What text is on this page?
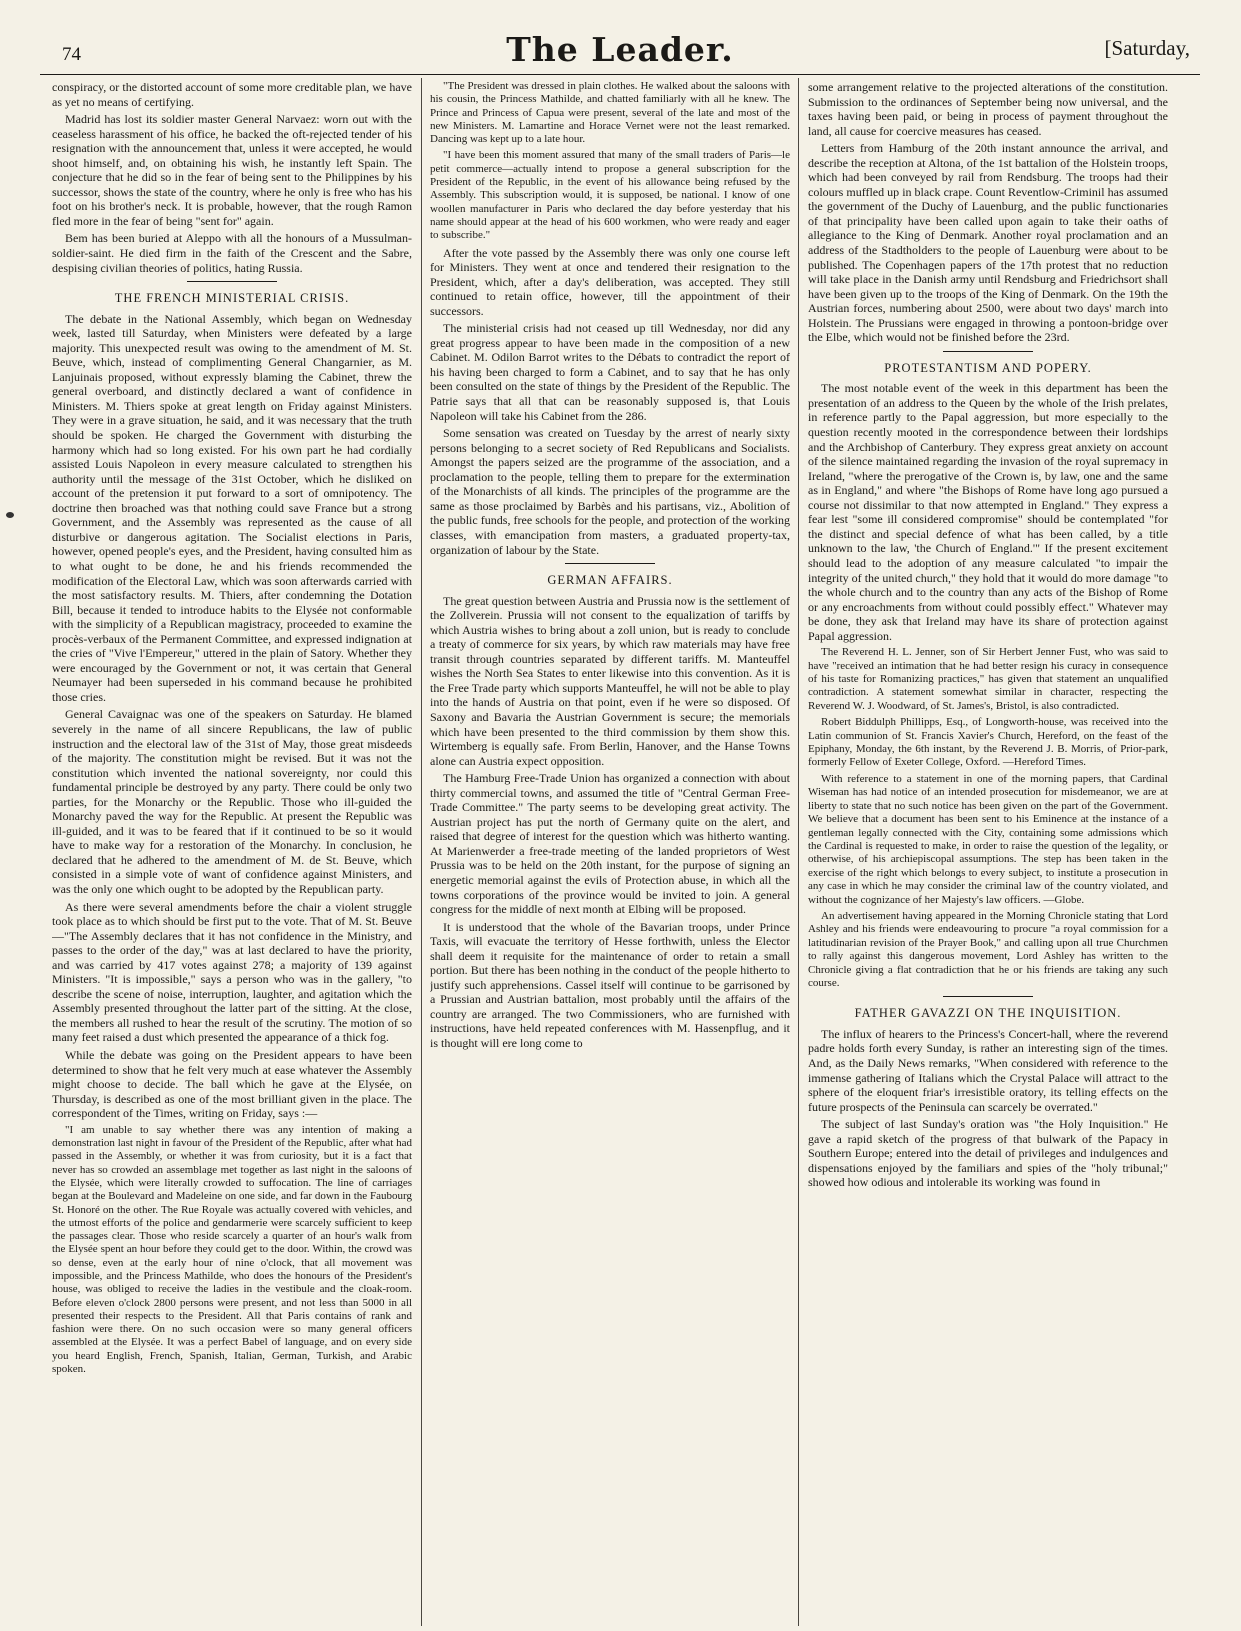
74	The Leader.	[Saturday,

conspiracy, or the distorted account of some more creditable plan, we have as yet no means of certifying.

Madrid has lost its soldier master General Narvaez: worn out with the ceaseless harassment of his office, he backed the oft-rejected tender of his resignation with the announcement that, unless it were accepted, he would shoot himself, and, on obtaining his wish, he instantly left Spain. The conjecture that he did so in the fear of being sent to the Philippines by his successor, shows the state of the country, where he only is free who has his foot on his brother's neck. It is probable, however, that the rough Ramon fled more in the fear of being "sent for" again.

Bem has been buried at Aleppo with all the honours of a Mussulman-soldier-saint. He died firm in the faith of the Crescent and the Sabre, despising civilian theories of politics, hating Russia.

THE FRENCH MINISTERIAL CRISIS.

The debate in the National Assembly, which began on Wednesday week, lasted till Saturday, when Ministers were defeated by a large majority. This unexpected result was owing to the amendment of M. St. Beuve, which, instead of complimenting General Changarnier, as M. Lanjuinais proposed, without expressly blaming the Cabinet, threw the general overboard, and distinctly declared a want of confidence in Ministers. M. Thiers spoke at great length on Friday against Ministers. They were in a grave situation, he said, and it was necessary that the truth should be spoken. He charged the Government with disturbing the harmony which had so long existed. For his own part he had cordially assisted Louis Napoleon in every measure calculated to strengthen his authority until the message of the 31st October, which he disliked on account of the pretension it put forward to a sort of omnipotency. The doctrine then broached was that nothing could save France but a strong Government, and the Assembly was represented as the cause of all disturbive or dangerous agitation. The Socialist elections in Paris, however, opened people's eyes, and the President, having consulted him as to what ought to be done, he and his friends recommended the modification of the Electoral Law, which was soon afterwards carried with the most satisfactory results. M. Thiers, after condemning the Dotation Bill, because it tended to introduce habits to the Elysée not conformable with the simplicity of a Republican magistracy, proceeded to examine the procès-verbaux of the Permanent Committee, and expressed indignation at the cries of "Vive l'Empereur," uttered in the plain of Satory. Whether they were encouraged by the Government or not, it was certain that General Neumayer had been superseded in his command because he prohibited those cries.

General Cavaignac was one of the speakers on Saturday. He blamed severely in the name of all sincere Republicans, the law of public instruction and the electoral law of the 31st of May, those great misdeeds of the majority. The constitution might be revised. But it was not the constitution which invented the national sovereignty, nor could this fundamental principle be destroyed by any party. There could be only two parties, for the Monarchy or the Republic. Those who ill-guided the Monarchy paved the way for the Republic. At present the Republic was ill-guided, and it was to be feared that if it continued to be so it would have to make way for a restoration of the Monarchy. In conclusion, he declared that he adhered to the amendment of M. de St. Beuve, which consisted in a simple vote of want of confidence against Ministers, and was the only one which ought to be adopted by the Republican party.

As there were several amendments before the chair a violent struggle took place as to which should be first put to the vote. That of M. St. Beuve—"The Assembly declares that it has not confidence in the Ministry, and passes to the order of the day," was at last declared to have the priority, and was carried by 417 votes against 278; a majority of 139 against Ministers. "It is impossible," says a person who was in the gallery, "to describe the scene of noise, interruption, laughter, and agitation which the Assembly presented throughout the latter part of the sitting. At the close, the members all rushed to hear the result of the scrutiny. The motion of so many feet raised a dust which presented the appearance of a thick fog.

While the debate was going on the President appears to have been determined to show that he felt very much at ease whatever the Assembly might choose to decide. The ball which he gave at the Elysée, on Thursday, is described as one of the most brilliant given in the place. The correspondent of the Times, writing on Friday, says :—

"I am unable to say whether there was any intention of making a demonstration last night in favour of the President of the Republic, after what had passed in the Assembly, or whether it was from curiosity, but it is a fact that never has so crowded an assemblage met together as last night in the saloons of the Elysée, which were literally crowded to suffocation. The line of carriages began at the Boulevard and Madeleine on one side, and far down in the Faubourg St. Honoré on the other. The Rue Royale was actually covered with vehicles, and the utmost efforts of the police and gendarmerie were scarcely sufficient to keep the passages clear. Those who reside scarcely a quarter of an hour's walk from the Elysée spent an hour before they could get to the door. Within, the crowd was so dense, even at the early hour of nine o'clock, that all movement was impossible, and the Princess Mathilde, who does the honours of the President's house, was obliged to receive the ladies in the vestibule and the cloak-room. Before eleven o'clock 2800 persons were present, and not less than 5000 in all presented their respects to the President. All that Paris contains of rank and fashion were there. On no such occasion were so many general officers assembled at the Elysée. It was a perfect Babel of language, and on every side you heard English, French, Spanish, Italian, German, Turkish, and Arabic spoken.

"The President was dressed in plain clothes. He walked about the saloons with his cousin, the Princess Mathilde, and chatted familiarly with all he knew. The Prince and Princess of Capua were present, several of the late and most of the new Ministers. M. Lamartine and Horace Vernet were not the least remarked. Dancing was kept up to a late hour.

"I have been this moment assured that many of the small traders of Paris—le petit commerce—actually intend to propose a general subscription for the President of the Republic, in the event of his allowance being refused by the Assembly. This subscription would, it is supposed, be national. I know of one woollen manufacturer in Paris who declared the day before yesterday that his name should appear at the head of his 600 workmen, who were ready and eager to subscribe."

After the vote passed by the Assembly there was only one course left for Ministers. They went at once and tendered their resignation to the President, which, after a day's deliberation, was accepted. They still continued to retain office, however, till the appointment of their successors.

The ministerial crisis had not ceased up till Wednesday, nor did any great progress appear to have been made in the composition of a new Cabinet. M. Odilon Barrot writes to the Débats to contradict the report of his having been charged to form a Cabinet, and to say that he has only been consulted on the state of things by the President of the Republic. The Patrie says that all that can be reasonably supposed is, that Louis Napoleon will take his Cabinet from the 286.

Some sensation was created on Tuesday by the arrest of nearly sixty persons belonging to a secret society of Red Republicans and Socialists. Amongst the papers seized are the programme of the association, and a proclamation to the people, telling them to prepare for the extermination of the Monarchists of all kinds. The principles of the programme are the same as those proclaimed by Barbès and his partisans, viz., Abolition of the public funds, free schools for the people, and protection of the working classes, with emancipation from masters, a graduated property-tax, organization of labour by the State.

GERMAN AFFAIRS.

The great question between Austria and Prussia now is the settlement of the Zollverein. Prussia will not consent to the equalization of tariffs by which Austria wishes to bring about a zoll union, but is ready to conclude a treaty of commerce for six years, by which raw materials may have free transit through countries separated by different tariffs. M. Manteuffel wishes the North Sea States to enter likewise into this convention. As it is the Free Trade party which supports Manteuffel, he will not be able to play into the hands of Austria on that point, even if he were so disposed. Of Saxony and Bavaria the Austrian Government is secure; the memorials which have been presented to the third commission by them show this. Wirtemberg is equally safe. From Berlin, Hanover, and the Hanse Towns alone can Austria expect opposition.

The Hamburg Free-Trade Union has organized a connection with about thirty commercial towns, and assumed the title of "Central German Free-Trade Committee." The party seems to be developing great activity. The Austrian project has put the north of Germany quite on the alert, and raised that degree of interest for the question which was hitherto wanting. At Marienwerder a free-trade meeting of the landed proprietors of West Prussia was to be held on the 20th instant, for the purpose of signing an energetic memorial against the evils of Protection abuse, in which all the towns corporations of the province would be invited to join. A general congress for the middle of next month at Elbing will be proposed.

It is understood that the whole of the Bavarian troops, under Prince Taxis, will evacuate the territory of Hesse forthwith, unless the Elector shall deem it requisite for the maintenance of order to retain a small portion. But there has been nothing in the conduct of the people hitherto to justify such apprehensions. Cassel itself will continue to be garrisoned by a Prussian and Austrian battalion, most probably until the affairs of the country are arranged. The two Commissioners, who are furnished with instructions, have held repeated conferences with M. Hassenpflug, and it is thought will ere long come to

some arrangement relative to the projected alterations of the constitution. Submission to the ordinances of September being now universal, and the taxes having been paid, or being in process of payment throughout the land, all cause for coercive measures has ceased.

Letters from Hamburg of the 20th instant announce the arrival, and describe the reception at Altona, of the 1st battalion of the Holstein troops, which had been conveyed by rail from Rendsburg. The troops had their colours muffled up in black crape. Count Reventlow-Criminil has assumed the government of the Duchy of Lauenburg, and the public functionaries of that principality have been called upon again to take their oaths of allegiance to the King of Denmark. Another royal proclamation and an address of the Stadtholders to the people of Lauenburg were about to be published. The Copenhagen papers of the 17th protest that no reduction will take place in the Danish army until Rendsburg and Friedrichsort shall have been given up to the troops of the King of Denmark. On the 19th the Austrian forces, numbering about 2500, were about two days' march into Holstein. The Prussians were engaged in throwing a pontoon-bridge over the Elbe, which would not be finished before the 23rd.

PROTESTANTISM AND POPERY.

The most notable event of the week in this department has been the presentation of an address to the Queen by the whole of the Irish prelates, in reference partly to the Papal aggression, but more especially to the question recently mooted in the correspondence between their lordships and the Archbishop of Canterbury. They express great anxiety on account of the silence maintained regarding the invasion of the royal supremacy in Ireland, "where the prerogative of the Crown is, by law, one and the same as in England," and where "the Bishops of Rome have long ago pursued a course not dissimilar to that now attempted in England." They express a fear lest "some ill considered compromise" should be contemplated "for the distinct and special defence of what has been called, by a title unknown to the law, 'the Church of England.'" If the present excitement should lead to the adoption of any measure calculated "to impair the integrity of the united church," they hold that it would do more damage "to the whole church and to the country than any acts of the Bishop of Rome or any encroachments from without could possibly effect." Whatever may be done, they ask that Ireland may have its share of protection against Papal aggression.

The Reverend H. L. Jenner, son of Sir Herbert Jenner Fust, who was said to have "received an intimation that he had better resign his curacy in consequence of his taste for Romanizing practices," has given that statement an unqualified contradiction. A statement somewhat similar in character, respecting the Reverend W. J. Woodward, of St. James's, Bristol, is also contradicted.

Robert Biddulph Phillipps, Esq., of Longworth-house, was received into the Latin communion of St. Francis Xavier's Church, Hereford, on the feast of the Epiphany, Monday, the 6th instant, by the Reverend J. B. Morris, of Prior-park, formerly Fellow of Exeter College, Oxford. —Hereford Times.

With reference to a statement in one of the morning papers, that Cardinal Wiseman has had notice of an intended prosecution for misdemeanor, we are at liberty to state that no such notice has been given on the part of the Government. We believe that a document has been sent to his Eminence at the instance of a gentleman legally connected with the City, containing some admissions which the Cardinal is requested to make, in order to raise the question of the legality, or otherwise, of his archiepiscopal assumptions. The step has been taken in the exercise of the right which belongs to every subject, to institute a prosecution in any case in which he may consider the criminal law of the country violated, and without the cognizance of her Majesty's law officers. —Globe.

An advertisement having appeared in the Morning Chronicle stating that Lord Ashley and his friends were endeavouring to procure "a royal commission for a latitudinarian revision of the Prayer Book," and calling upon all true Churchmen to rally against this dangerous movement, Lord Ashley has written to the Chronicle giving a flat contradiction that he or his friends are taking any such course.

FATHER GAVAZZI ON THE INQUISITION.

The influx of hearers to the Princess's Concert-hall, where the reverend padre holds forth every Sunday, is rather an interesting sign of the times. And, as the Daily News remarks, "When considered with reference to the immense gathering of Italians which the Crystal Palace will attract to the sphere of the eloquent friar's irresistible oratory, its telling effects on the future prospects of the Peninsula can scarcely be overrated."

The subject of last Sunday's oration was "the Holy Inquisition." He gave a rapid sketch of the progress of that bulwark of the Papacy in Southern Europe; entered into the detail of privileges and indulgences and dispensations enjoyed by the familiars and spies of the "holy tribunal;" showed how odious and intolerable its working was found in
